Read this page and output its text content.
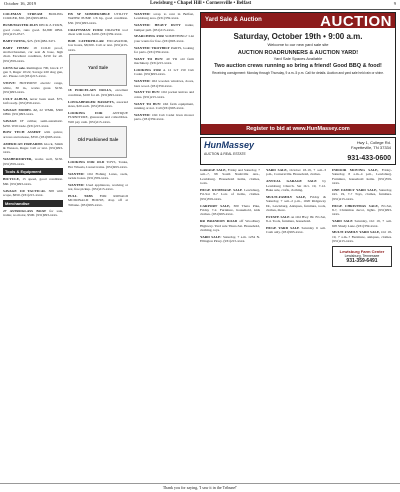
October 16, 2019	Lewisburg • Chapel Hill • Cornersville • Belfast	9

COLEMAN STREAM BOILING COOLER, $50. (931)993-9834.

BUSH/MASTER 48-IN DECK Z-TURN, good cond., runs good. $2,800 OBO. (931)215-0517.

BABY SWING, $25. (931)982-3471.

BABY ITEMS: 18 COLD proof, stroller/bassinet, car seat & base, high chair. Excellent condition, $150 for all. (931)359-xxxx.

GUNS for sale. Remington 700, Glock 17 gen 3, Ruger 10/22, Savage 220 slug gun, etc. Please call (931)215-xxxx.

STOVE: HOTPOINT electric range, white, 30 in., works great. $150. (931)993-xxxx.

CULT ALBUM, never been used. $75, Gift ready. (931)359-xxxx.

SAVAGE MODEL 22, 22 WMR, $300 OBO. (931)993-xxxx.

SAVAGE 17 caliber, semi-automatic. $250. Will trade. (931)215-xxxx.

BOW TECH ASSERT with quiver, arrows and release, $350. (931)993-xxxx.

AMERICAN FIREARMS Glock, Smith & Wesson, Ruger. Call or text. (931)993-xxxx.

WASHER/DRYER, works well, $150. (931)359-xxxx.

Tools & Equipment

BICYCLE, 15 speed, good condition. $60. (931)993-xxxx.

SAVAGE 110 TACTICAL 308 with scope, $650. (931)215-xxxx.

Merchandise

27 ASTROGLASS BOAT for sale, trailer, no motor, $500. (931)993-xxxx.

EB 5P SUBMERSIBLE UTILITY WATER PUMP. 1/6 hp, good condition. $50. (931)993-xxxx.

CRAFTSMAN FOUR DRAWER tool chest with tools, $100. (931)359-xxxx.

BOB CATERPILLAR EXCAVATOR, low hours, $8,500. Call or text. (931)215-xxxx.

Yard Sale

18 PORCELAIN DOLLS, excellent condition, $100 for all. (931)993-xxxx.

LONGABERGER BASKETS, assorted sizes, $20 each. (931)359-xxxx.

LOOKING FOR	ANTIQUE FURNITURE, glassware and collectibles. Will pay cash. (931)215-xxxx.

Old Fashioned Sale

LOOKING FOR OLD TOYS, Tonka, Hot Wheels, Lionel trains. (931)993-xxxx.

WANTED: Old Fishing Lures, reels, tackle boxes. (931)359-xxxx.

WANTED: Used appliances, working or not, free pickup. (931)215-xxxx.

PULL TABS FOR RONALD MCDONALD HOUSE, drop off at Tribune. (931)993-xxxx.

WANTED: scrap to rent in Belfast, Lewisburg area. (931)359-xxxx.

WANTED: HEAVY DUTY trailer, bumper pull. (931)215-xxxx.

SEARCHING FOR SOMETHING? List your wants for free. (931)993-xxxx.

WANTED: TROYBILT PARTS, looking for parts. (931)359-xxxx.

WANT TO BUY: 40 YR old farm machinery. (931)215-xxxx.

LOOKING FOR A 12 GT 150 Cub Cadet. (931)993-xxxx.

WANTED: Old wooden windows, doors, barn wood. (931)359-xxxx.

WANT TO BUY: Old pocket knives and coins. (931)215-xxxx.

WANT TO BUY: Old farm equipment, running or not. Call (931)993-xxxx.

WANTED: Old Cub Cadet lawn mower parts. (931)359-xxxx.

Yard Sale & Auction	AUCTION
Saturday, October 19th • 9:00 a.m.
Welcome to our new yard sale site
AUCTION ROADRUNNERS & AUCTION YARD!
Yard Sale Spaces Available
Two auction crews running so bring a friend! Good BBQ & food!
Receiving consignment: Monday through Thursday, 9 a.m.-5 p.m. Call for details. Auction and yard sale held rain or shine.
Register to bid at www.HunMassey.com
HunMassey
AUCTION & REAL ESTATE
Hwy 1, College Rd.
Fayetteville, TN 37334
931-433-0600

GARAGE SALE, Friday and Saturday, 7 a.m.-?, 98 South Nashville Ave., Lewisburg. Household items, clothes, tools.

HUGE RUMMAGE SALE Lewisburg, Fri-Sat 8-? Lots of items, clothes. (931)359-xxxx.

CARPORT SALE, 300 Theta Pike, Friday 7-2. Furniture, household, kids clothes. (931)993-xxxx.

RR BRANDON ROAD off Woodbury Highway. Yard sale Thurs-Sat. Household, clothing, toys.

YARD SALE: Saturday, 7 a.m. 1234 N. Ellington Pkwy. (931)215-xxxx.

YARD SALE, October 18-19, 7 a.m.-3 p.m., Cornersville. Household, clothes.

ANNUAL GARAGE SALE by Lewisburg Church. Sat Oct. 19, 7-12. Bake sale, crafts, clothing.

MULTI-FAMILY SALE, Friday & Saturday, 7 a.m.-2 p.m., 1020 Ridgeway Dr., Lewisburg. Antiques, furniture, tools, clothes, more.

ESTATE SALE on Old Hwy 99. Fri-Sat, 8-4. Tools, furniture, household.

HUGE YARD SALE Saturday 6 a.m. Cash only. (931)993-xxxx.

INDOOR MOVING SALE, Friday-Saturday, 8 a.m.-4 p.m., Lewisburg. Furniture, household items. (931)359-xxxx.

ONE FAMILY YARD SALE, Saturday, Oct. 19, 7-? Toys, clothes, furniture. (931)215-xxxx.

HUGE CHRISTMAS SALE, Fri-Sat, 8-?, Christmas decor, lights. (931)993-xxxx.

YARD SALE Saturday, Oct 19, 7 a.m. 605 Shady Lane. (931)359-xxxx.

MULTI FAMILY YARD SALE, Oct 18-19, 7 a.m.-? Furniture, antiques, clothes. (931)215-xxxx.

Lewisburg Farm Center
Lewisburg, Tennessee
931-359-6491
Thank you for saying, 'I saw it in the Tribune!'
